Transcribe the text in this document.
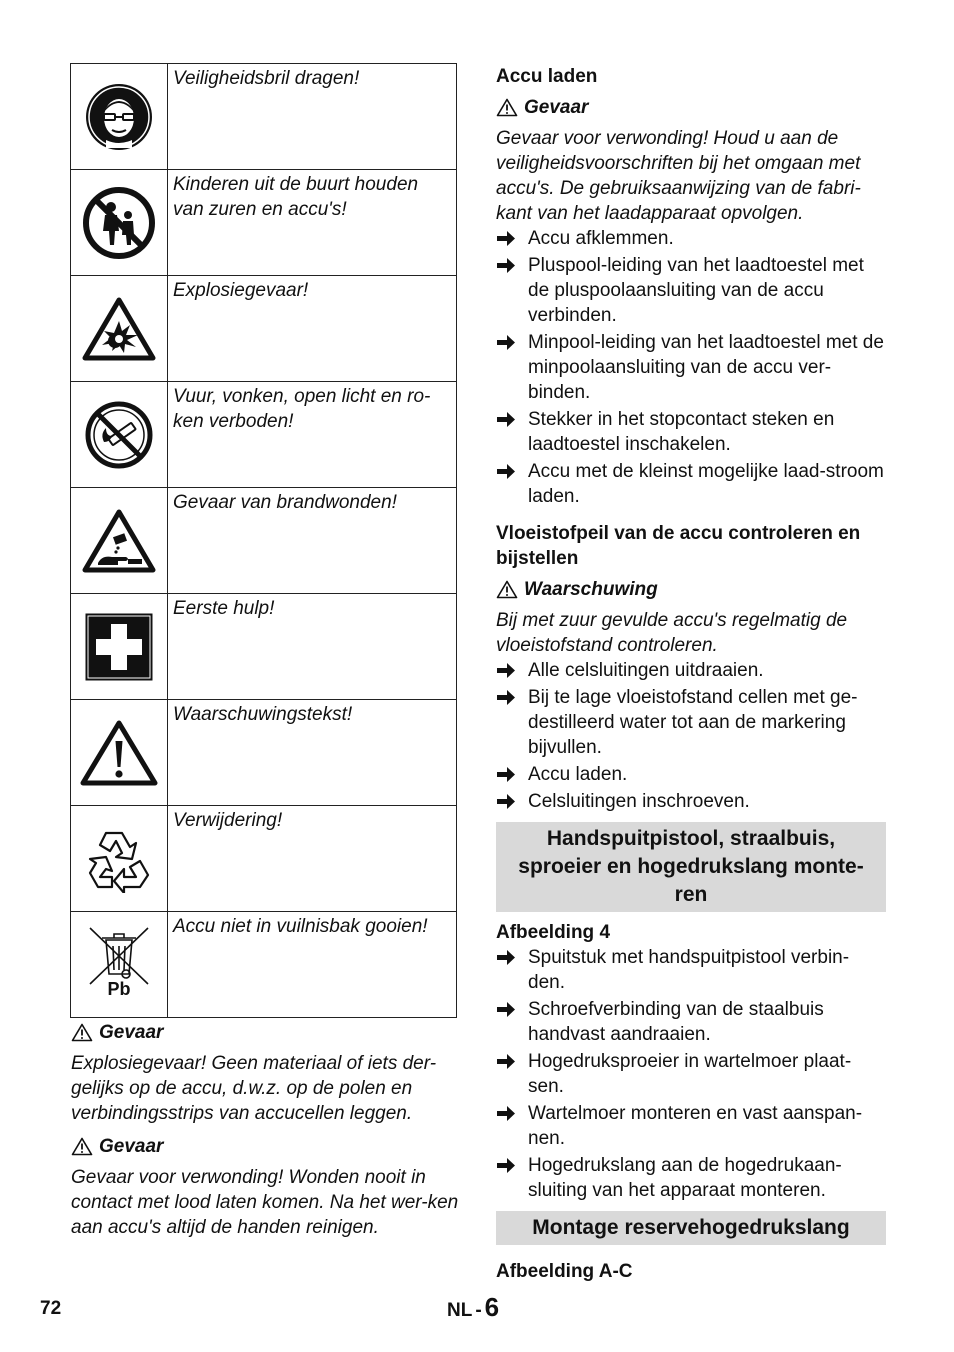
	Veiligheidsbril dragen!

	Kinderen uit de buurt houden van zuren en accu's!

	Explosiegevaar!

	Vuur, vonken, open licht en ro-ken verboden!

	Gevaar van brandwonden!

	Eerste hulp!

	Waarschuwingstekst!

	Verwijdering!

Pb	Accu niet in vuilnisbak gooien!
Gevaar
Explosiegevaar! Geen materiaal of iets der-gelijks op de accu, d.w.z. op de polen en verbindingsstrips van accucellen leggen.
Gevaar
Gevaar voor verwonding! Wonden nooit in contact met lood laten komen. Na het wer-ken aan accu's altijd de handen reinigen.
Accu laden
Gevaar
Gevaar voor verwonding! Houd u aan de veiligheidsvoorschriften bij het omgaan met accu's. De gebruiksaanwijzing van de fabri-kant van het laadapparaat opvolgen.
Accu afklemmen.
Pluspool-leiding van het laadtoestel met de pluspoolaansluiting van de accu verbinden.
Minpool-leiding van het laadtoestel met de minpoolaansluiting van de accu ver-binden.
Stekker in het stopcontact steken en laadtoestel inschakelen.
Accu met de kleinst mogelijke laad-stroom laden.
Vloeistofpeil van de accu controleren en bijstellen
Waarschuwing
Bij met zuur gevulde accu's regelmatig de vloeistofstand controleren.
Alle celsluitingen uitdraaien.
Bij te lage vloeistofstand cellen met ge-destilleerd water tot aan de markering bijvullen.
Accu laden.
Celsluitingen inschroeven.
Handspuitpistool, straalbuis, sproeier en hogedrukslang monte-ren
Afbeelding 4
Spuitstuk met handspuitpistool verbin-den.
Schroefverbinding van de staalbuis handvast aandraaien.
Hogedruksproeier in wartelmoer plaat-sen.
Wartelmoer monteren en vast aanspan-nen.
Hogedrukslang aan de hogedrukaan-sluiting van het apparaat monteren.
Montage reservehogedrukslang
Afbeelding A-C
72	NL - 6
